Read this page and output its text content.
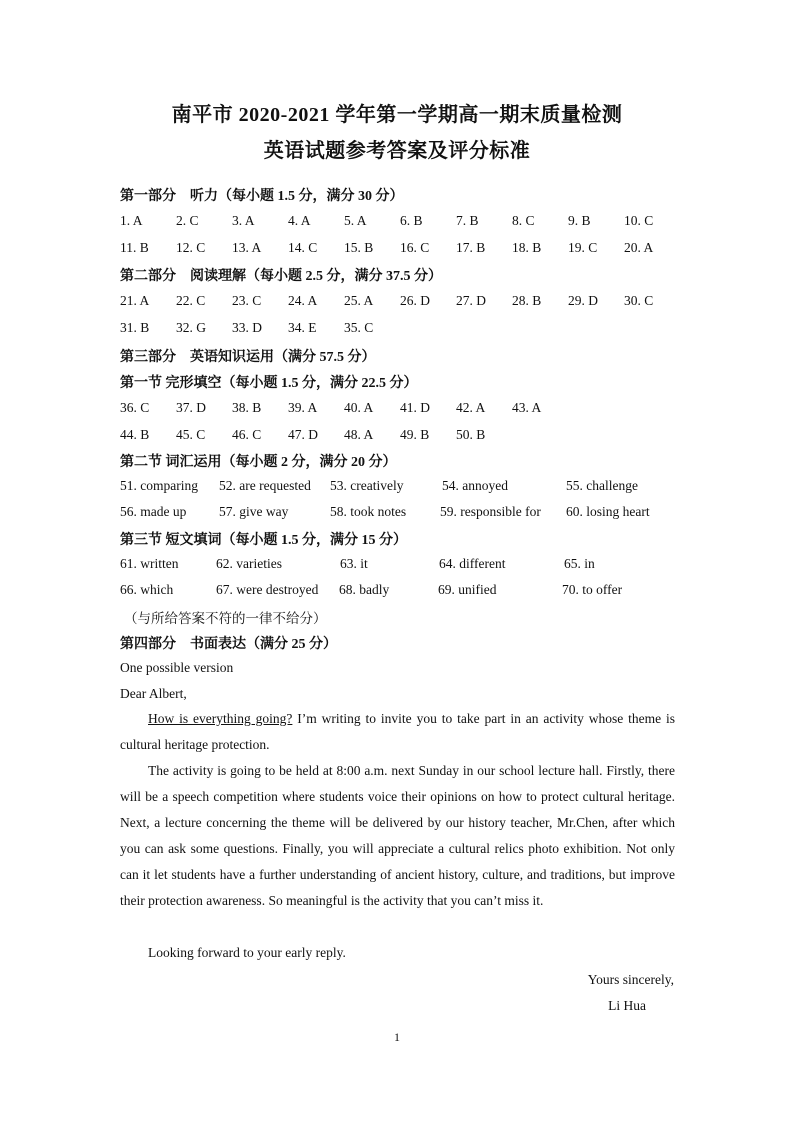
南平市 2020-2021 学年第一学期高一期末质量检测
英语试题参考答案及评分标准
第一部分　听力（每小题 1.5 分，满分 30 分）
1. A 2. C 3. A 4. A 5. A 6. B 7. B 8. C 9. B 10. C
11. B 12. C 13. A 14. C 15. B 16. C 17. B 18. B 19. C 20. A
第二部分　阅读理解（每小题 2.5 分，满分 37.5 分）
21. A 22. C 23. C 24. A 25. A 26. D 27. D 28. B 29. D 30. C
31. B 32. G 33. D 34. E 35. C
第三部分　英语知识运用（满分 57.5 分）
第一节 完形填空（每小题 1.5 分，满分 22.5 分）
36. C 37. D 38. B 39. A 40. A 41. D 42. A 43. A
44. B 45. C 46. C 47. D 48. A 49. B 50. B
第二节 词汇运用（每小题 2 分，满分 20 分）
51. comparing 52. are requested 53. creatively	54. annoyed	55. challenge
56. made up 57. give way	58. took notes	59. responsible for 60. losing heart
第三节 短文填词（每小题 1.5 分，满分 15 分）
61. written	62. varieties	63. it	64. different	65. in
66. which	67. were destroyed 68. badly	69. unified	70. to offer
（与所给答案不符的一律不给分）
第四部分　书面表达（满分 25 分）
One possible version
Dear Albert,
How is everything going? I’m writing to invite you to take part in an activity whose theme is cultural heritage protection.
The activity is going to be held at 8:00 a.m. next Sunday in our school lecture hall. Firstly, there will be a speech competition where students voice their opinions on how to protect cultural heritage. Next, a lecture concerning the theme will be delivered by our history teacher, Mr.Chen, after which you can ask some questions. Finally, you will appreciate a cultural relics photo exhibition. Not only can it let students have a further understanding of ancient history, culture, and traditions, but improve their protection awareness. So meaningful is the activity that you can’t miss it.
Looking forward to your early reply.
Yours sincerely,
Li Hua
1
